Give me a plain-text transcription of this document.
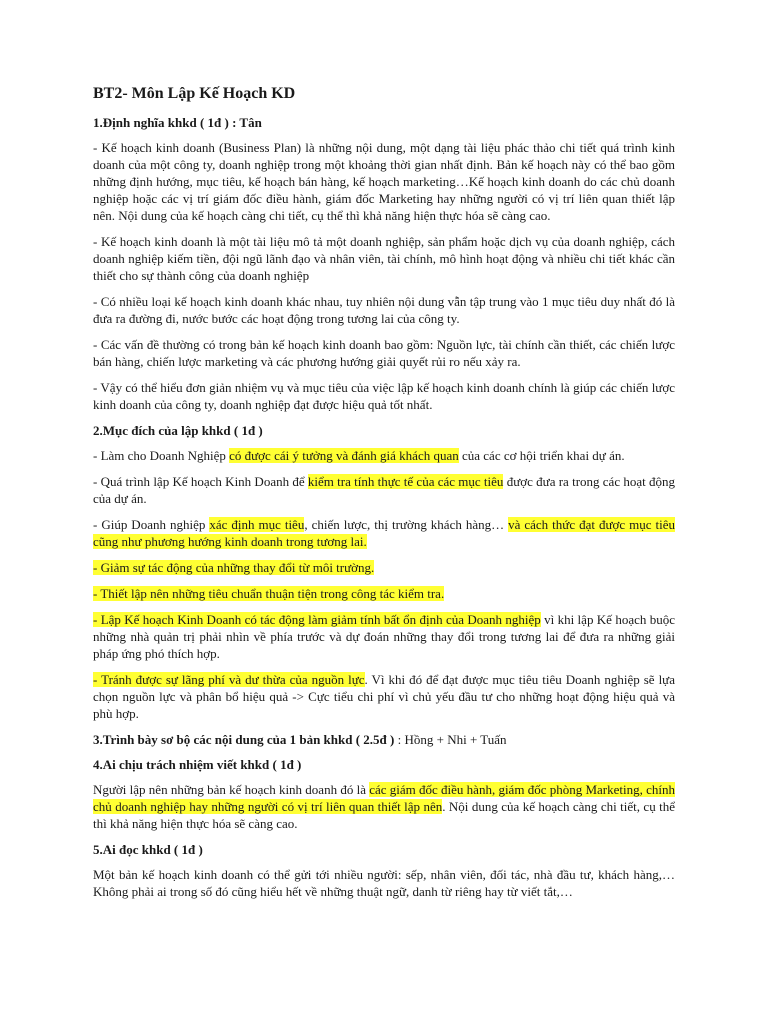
BT2- Môn Lập Kế Hoạch KD
1.Định nghĩa khkd ( 1đ ) : Tân

- Kế hoạch kinh doanh (Business Plan) là những nội dung, một dạng tài liệu phác thảo chi tiết quá trình kinh doanh của một công ty, doanh nghiệp trong một khoảng thời gian nhất định. Bản kế hoạch này có thể bao gồm những định hướng, mục tiêu, kế hoạch bán hàng, kế hoạch marketing…Kế hoạch kinh doanh do các chủ doanh nghiệp hoặc các vị trí giám đốc điều hành, giám đốc Marketing hay những người có vị trí liên quan thiết lập nên. Nội dung của kế hoạch càng chi tiết, cụ thể thì khả năng hiện thực hóa sẽ càng cao.

- Kế hoạch kinh doanh là một tài liệu mô tả một doanh nghiệp, sản phẩm hoặc dịch vụ của doanh nghiệp, cách doanh nghiệp kiếm tiền, đội ngũ lãnh đạo và nhân viên, tài chính, mô hình hoạt động và nhiều chi tiết khác cần thiết cho sự thành công của doanh nghiệp

- Có nhiều loại kế hoạch kinh doanh khác nhau, tuy nhiên nội dung vẫn tập trung vào 1 mục tiêu duy nhất đó là đưa ra đường đi, nước bước các hoạt động trong tương lai của công ty.

- Các vấn đề thường có trong bản kế hoạch kinh doanh bao gồm: Nguồn lực, tài chính cần thiết, các chiến lược bán hàng, chiến lược marketing và các phương hướng giải quyết rủi ro nếu xảy ra.

- Vậy có thể hiểu đơn giản nhiệm vụ và mục tiêu của việc lập kế hoạch kinh doanh chính là giúp các chiến lược kinh doanh của công ty, doanh nghiệp đạt được hiệu quả tốt nhất.

2.Mục đích của lập khkd ( 1đ )

- Làm cho Doanh Nghiệp có được cái ý tưởng và đánh giá khách quan của các cơ hội triển khai dự án.

- Quá trình lập Kế hoạch Kinh Doanh để kiểm tra tính thực tế của các mục tiêu được đưa ra trong các hoạt động của dự án.

- Giúp Doanh nghiệp xác định mục tiêu, chiến lược, thị trường khách hàng… và cách thức đạt được mục tiêu cũng như phương hướng kinh doanh trong tương lai.

- Giảm sự tác động của những thay đổi từ môi trường.

- Thiết lập nên những tiêu chuẩn thuận tiện trong công tác kiểm tra.

- Lập Kế hoạch Kinh Doanh có tác động làm giảm tính bất ổn định của Doanh nghiệp vì khi lập Kế hoạch buộc những nhà quản trị phải nhìn về phía trước và dự đoán những thay đổi trong tương lai để đưa ra những giải pháp ứng phó thích hợp.

- Tránh được sự lãng phí và dư thừa của nguồn lực. Vì khi đó để đạt được mục tiêu tiêu Doanh nghiệp sẽ lựa chọn nguồn lực và phân bổ hiệu quả -> Cực tiểu chi phí vì chủ yếu đầu tư cho những hoạt động hiệu quả và phù hợp.

3.Trình bày sơ bộ các nội dung của 1 bản khkd ( 2.5đ ) : Hồng + Nhi + Tuấn
4.Ai chịu trách nhiệm viết khkd ( 1đ )

Người lập nên những bản kế hoạch kinh doanh đó là các giám đốc điều hành, giám đốc phòng Marketing, chính chủ doanh nghiệp hay những người có vị trí liên quan thiết lập nên. Nội dung của kế hoạch càng chi tiết, cụ thể thì khả năng hiện thực hóa sẽ càng cao.

5.Ai đọc khkd ( 1đ )

Một bản kế hoạch kinh doanh có thể gửi tới nhiều người: sếp, nhân viên, đối tác, nhà đầu tư, khách hàng,… Không phải ai trong số đó cũng hiểu hết về những thuật ngữ, danh từ riêng hay từ viết tắt,…
